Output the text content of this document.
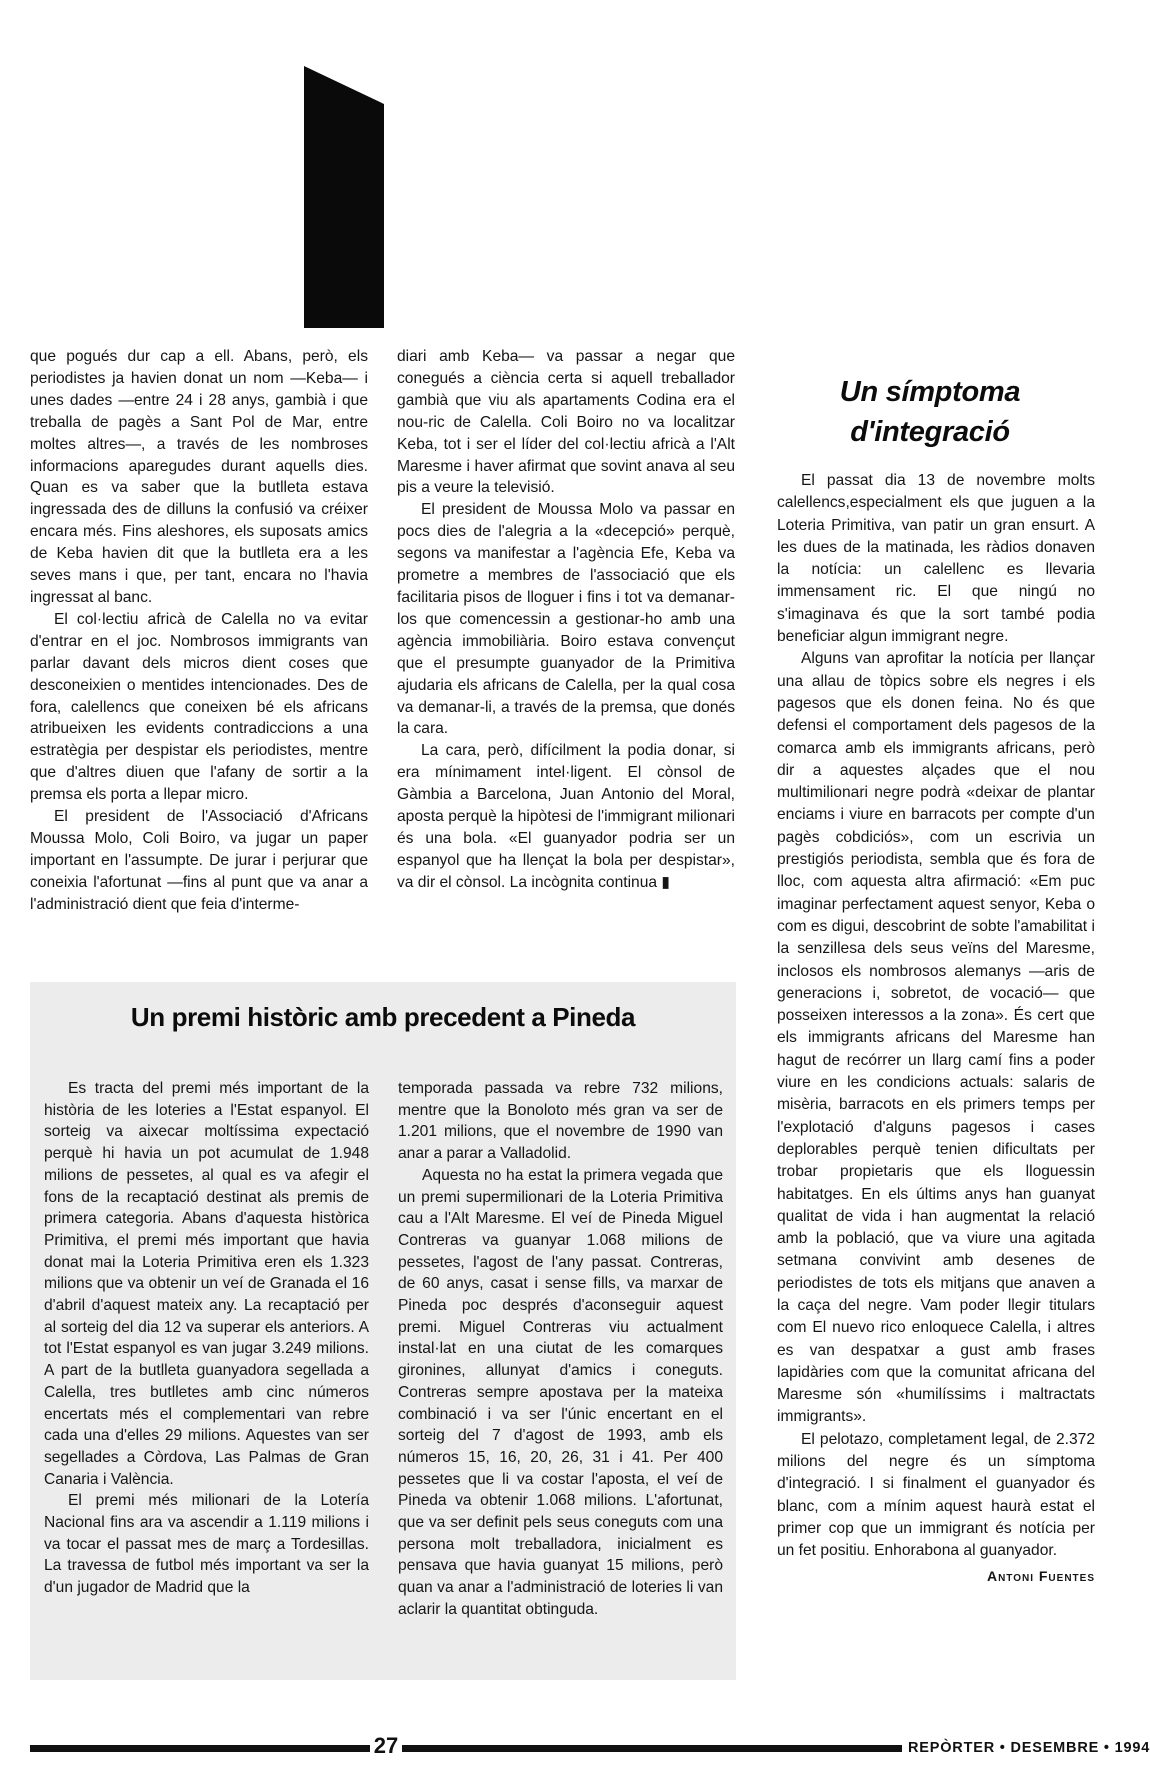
que pogués dur cap a ell. Abans, però, els periodistes ja havien donat un nom —Keba— i unes dades —entre 24 i 28 anys, gambià i que treballa de pagès a Sant Pol de Mar, entre moltes altres—, a través de les nombroses informacions aparegudes durant aquells dies. Quan es va saber que la butlleta estava ingressada des de dilluns la confusió va créixer encara més. Fins aleshores, els suposats amics de Keba havien dit que la butlleta era a les seves mans i que, per tant, encara no l'havia ingressat al banc.

El col·lectiu africà de Calella no va evitar d'entrar en el joc. Nombrosos immigrants van parlar davant dels micros dient coses que desconeixien o mentides intencionades. Des de fora, calellencs que coneixen bé els africans atribueixen les evidents contradiccions a una estratègia per despistar els periodistes, mentre que d'altres diuen que l'afany de sortir a la premsa els porta a llepar micro.

El president de l'Associació d'Africans Moussa Molo, Coli Boiro, va jugar un paper important en l'assumpte. De jurar i perjurar que coneixia l'afortunat —fins al punt que va anar a l'administració dient que feia d'interme-

diari amb Keba— va passar a negar que conegués a ciència certa si aquell treballador gambià que viu als apartaments Codina era el nou-ric de Calella. Coli Boiro no va localitzar Keba, tot i ser el líder del col·lectiu africà a l'Alt Maresme i haver afirmat que sovint anava al seu pis a veure la televisió.

El president de Moussa Molo va passar en pocs dies de l'alegria a la «decepció» perquè, segons va manifestar a l'agència Efe, Keba va prometre a membres de l'associació que els facilitaria pisos de lloguer i fins i tot va demanar-los que comencessin a gestionar-ho amb una agència immobiliària. Boiro estava convençut que el presumpte guanyador de la Primitiva ajudaria els africans de Calella, per la qual cosa va demanar-li, a través de la premsa, que donés la cara.

La cara, però, difícilment la podia donar, si era mínimament intel·ligent. El cònsol de Gàmbia a Barcelona, Juan Antonio del Moral, aposta perquè la hipòtesi de l'immigrant milionari és una bola. «El guanyador podria ser un espanyol que ha llençat la bola per despistar», va dir el cònsol. La incògnita continua ▮

Un símptoma d'integració

El passat dia 13 de novembre molts calellencs,especialment els que juguen a la Loteria Primitiva, van patir un gran ensurt. A les dues de la matinada, les ràdios donaven la notícia: un calellenc es llevaria immensament ric. El que ningú no s'imaginava és que la sort també podia beneficiar algun immigrant negre.

Alguns van aprofitar la notícia per llançar una allau de tòpics sobre els negres i els pagesos que els donen feina. No és que defensi el comportament dels pagesos de la comarca amb els immigrants africans, però dir a aquestes alçades que el nou multimilionari negre podrà «deixar de plantar enciams i viure en barracots per compte d'un pagès cobdiciós», com un escrivia un prestigiós periodista, sembla que és fora de lloc, com aquesta altra afirmació: «Em puc imaginar perfectament aquest senyor, Keba o com es digui, descobrint de sobte l'amabilitat i la senzillesa dels seus veïns del Maresme, inclosos els nombrosos alemanys —aris de generacions i, sobretot, de vocació— que posseixen interessos a la zona». És cert que els immigrants africans del Maresme han hagut de recórrer un llarg camí fins a poder viure en les condicions actuals: salaris de misèria, barracots en els primers temps per l'explotació d'alguns pagesos i cases deplorables perquè tenien dificultats per trobar propietaris que els lloguessin habitatges. En els últims anys han guanyat qualitat de vida i han augmentat la relació amb la població, que va viure una agitada setmana convivint amb desenes de periodistes de tots els mitjans que anaven a la caça del negre. Vam poder llegir titulars com El nuevo rico enloquece Calella, i altres es van despatxar a gust amb frases lapidàries com que la comunitat africana del Maresme són «humilíssims i maltractats immigrants».

El pelotazo, completament legal, de 2.372 milions del negre és un símptoma d'integració. I si finalment el guanyador és blanc, com a mínim aquest haurà estat el primer cop que un immigrant és notícia per un fet positiu. Enhorabona al guanyador.

Antoni Fuentes
Un premi històric amb precedent a Pineda

Es tracta del premi més important de la història de les loteries a l'Estat espanyol. El sorteig va aixecar moltíssima expectació perquè hi havia un pot acumulat de 1.948 milions de pessetes, al qual es va afegir el fons de la recaptació destinat als premis de primera categoria. Abans d'aquesta històrica Primitiva, el premi més important que havia donat mai la Loteria Primitiva eren els 1.323 milions que va obtenir un veí de Granada el 16 d'abril d'aquest mateix any. La recaptació per al sorteig del dia 12 va superar els anteriors. A tot l'Estat espanyol es van jugar 3.249 milions. A part de la butlleta guanyadora segellada a Calella, tres butlletes amb cinc números encertats més el complementari van rebre cada una d'elles 29 milions. Aquestes van ser segellades a Còrdova, Las Palmas de Gran Canaria i València.

El premi més milionari de la Lotería Nacional fins ara va ascendir a 1.119 milions i va tocar el passat mes de març a Tordesillas. La travessa de futbol més important va ser la d'un jugador de Madrid que la

temporada passada va rebre 732 milions, mentre que la Bonoloto més gran va ser de 1.201 milions, que el novembre de 1990 van anar a parar a Valladolid.

Aquesta no ha estat la primera vegada que un premi supermilionari de la Loteria Primitiva cau a l'Alt Maresme. El veí de Pineda Miguel Contreras va guanyar 1.068 milions de pessetes, l'agost de l'any passat. Contreras, de 60 anys, casat i sense fills, va marxar de Pineda poc després d'aconseguir aquest premi. Miguel Contreras viu actualment instal·lat en una ciutat de les comarques gironines, allunyat d'amics i coneguts. Contreras sempre apostava per la mateixa combinació i va ser l'únic encertant en el sorteig del 7 d'agost de 1993, amb els números 15, 16, 20, 26, 31 i 41. Per 400 pessetes que li va costar l'aposta, el veí de Pineda va obtenir 1.068 milions. L'afortunat, que va ser definit pels seus coneguts com una persona molt treballadora, inicialment es pensava que havia guanyat 15 milions, però quan va anar a l'administració de loteries li van aclarir la quantitat obtinguda.

27	REPÒRTER • DESEMBRE • 1994
